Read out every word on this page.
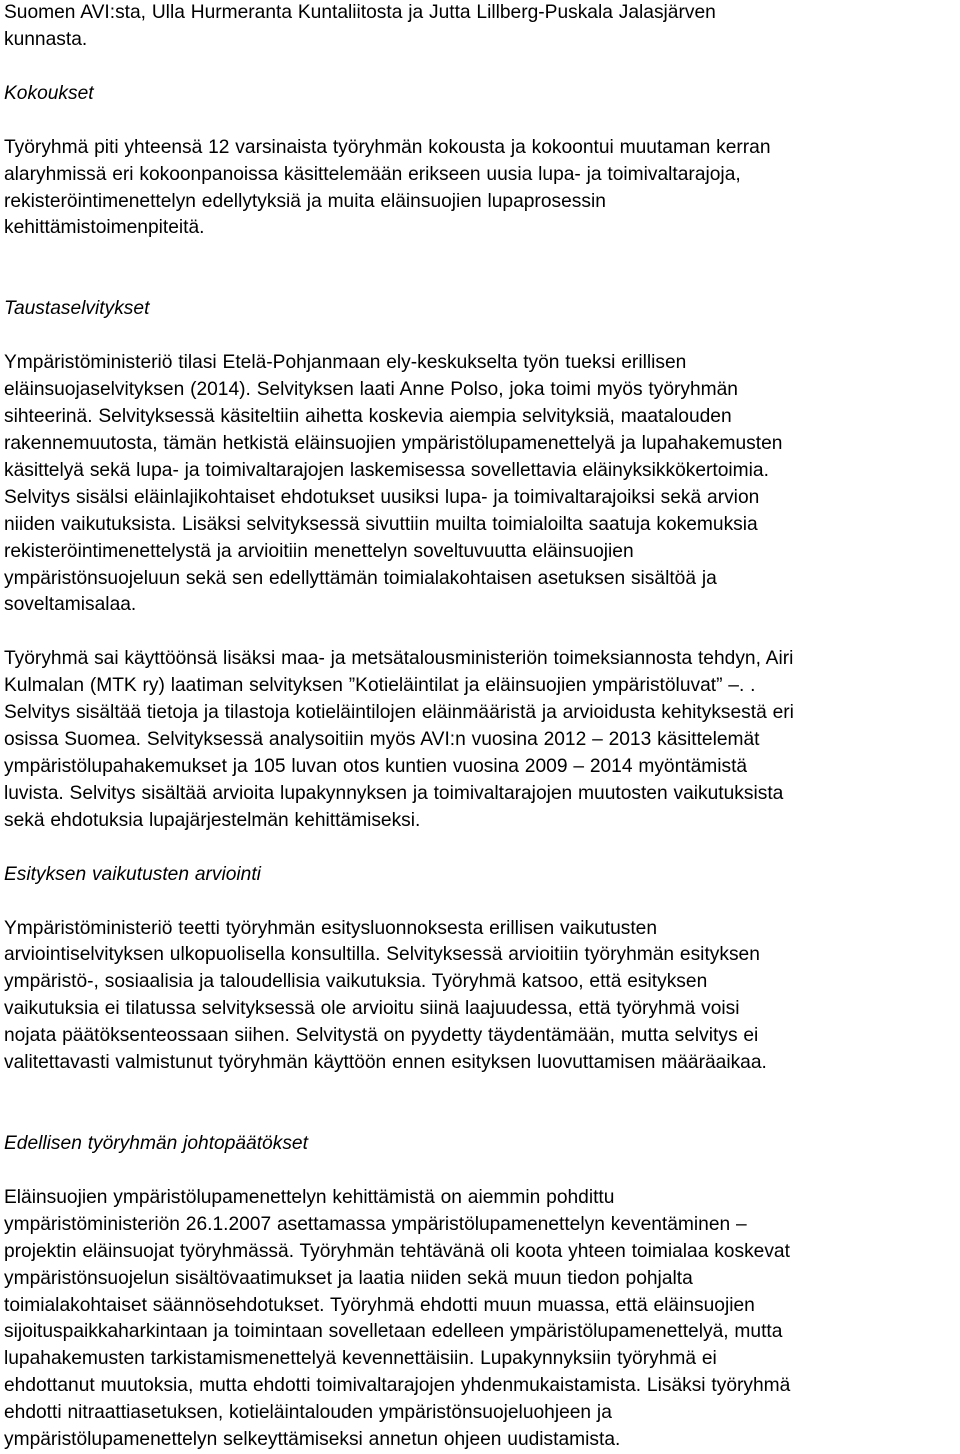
Suomen AVI:sta, Ulla Hurmeranta Kuntaliitosta ja Jutta Lillberg-Puskala Jalasjärven
kunnasta.

Kokoukset

Työryhmä piti yhteensä 12 varsinaista työryhmän kokousta ja kokoontui muutaman kerran
alaryhmissä eri kokoonpanoissa käsittelemään erikseen uusia lupa- ja toimivaltarajoja,
rekisteröintimenettelyn edellytyksiä ja muita eläinsuojien lupaprosessin
kehittämistoimenpiteitä.

Taustaselvitykset

Ympäristöministeriö tilasi Etelä-Pohjanmaan ely-keskukselta työn tueksi erillisen
eläinsuojaselvityksen (2014). Selvityksen laati Anne Polso, joka toimi myös työryhmän
sihteerinä. Selvityksessä käsiteltiin aihetta koskevia aiempia selvityksiä, maatalouden
rakennemuutosta, tämän hetkistä eläinsuojien ympäristölupamenettelyä ja lupahakemusten
käsittelyä sekä lupa- ja toimivaltarajojen laskemisessa sovellettavia eläinyksikkökertoimia.
Selvitys sisälsi eläinlajikohtaiset ehdotukset uusiksi lupa- ja toimivaltarajoiksi sekä arvion
niiden vaikutuksista. Lisäksi selvityksessä sivuttiin muilta toimialoilta saatuja kokemuksia
rekisteröintimenettelystä ja arvioitiin menettelyn soveltuvuutta eläinsuojien
ympäristönsuojeluun sekä sen edellyttämän toimialakohtaisen asetuksen sisältöä ja
soveltamisalaa.

Työryhmä sai käyttöönsä lisäksi maa- ja metsätalousministeriön toimeksiannosta tehdyn, Airi
Kulmalan (MTK ry) laatiman selvityksen ”Kotieläintilat ja eläinsuojien ympäristöluvat” –. .
Selvitys sisältää tietoja ja tilastoja kotieläintilojen eläinmääristä ja arvioidusta kehityksestä eri
osissa Suomea. Selvityksessä analysoitiin myös AVI:n vuosina 2012 – 2013 käsittelemät
ympäristölupahakemukset ja 105 luvan otos kuntien vuosina 2009 – 2014 myöntämistä
luvista. Selvitys sisältää arvioita lupakynnyksen ja toimivaltarajojen muutosten vaikutuksista
sekä ehdotuksia lupajärjestelmän kehittämiseksi.

Esityksen vaikutusten arviointi

Ympäristöministeriö teetti työryhmän esitysluonnoksesta erillisen vaikutusten
arviointiselvityksen ulkopuolisella konsultilla. Selvityksessä arvioitiin työryhmän esityksen
ympäristö-, sosiaalisia ja taloudellisia vaikutuksia. Työryhmä katsoo, että esityksen
vaikutuksia ei tilatussa selvityksessä ole arvioitu siinä laajuudessa, että työryhmä voisi
nojata päätöksenteossaan siihen. Selvitystä on pyydetty täydentämään, mutta selvitys ei
valitettavasti valmistunut työryhmän käyttöön ennen esityksen luovuttamisen määräaikaa.

Edellisen työryhmän johtopäätökset

Eläinsuojien ympäristölupamenettelyn kehittämistä on aiemmin pohdittu
ympäristöministeriön 26.1.2007 asettamassa ympäristölupamenettelyn keventäminen –
projektin eläinsuojat työryhmässä. Työryhmän tehtävänä oli koota yhteen toimialaa koskevat
ympäristönsuojelun sisältövaatimukset ja laatia niiden sekä muun tiedon pohjalta
toimialakohtaiset säännösehdotukset. Työryhmä ehdotti muun muassa, että eläinsuojien
sijoituspaikkaharkintaan ja toimintaan sovelletaan edelleen ympäristölupamenettelyä, mutta
lupahakemusten tarkistamismenettelyä kevennettäisiin. Lupakynnyksiin työryhmä ei
ehdottanut muutoksia, mutta ehdotti toimivaltarajojen yhdenmukaistamista. Lisäksi työryhmä
ehdotti nitraattiasetuksen, kotieläintalouden ympäristönsuojeluohjeen ja
ympäristölupamenettelyn selkeyttämiseksi annetun ohjeen uudistamista.
